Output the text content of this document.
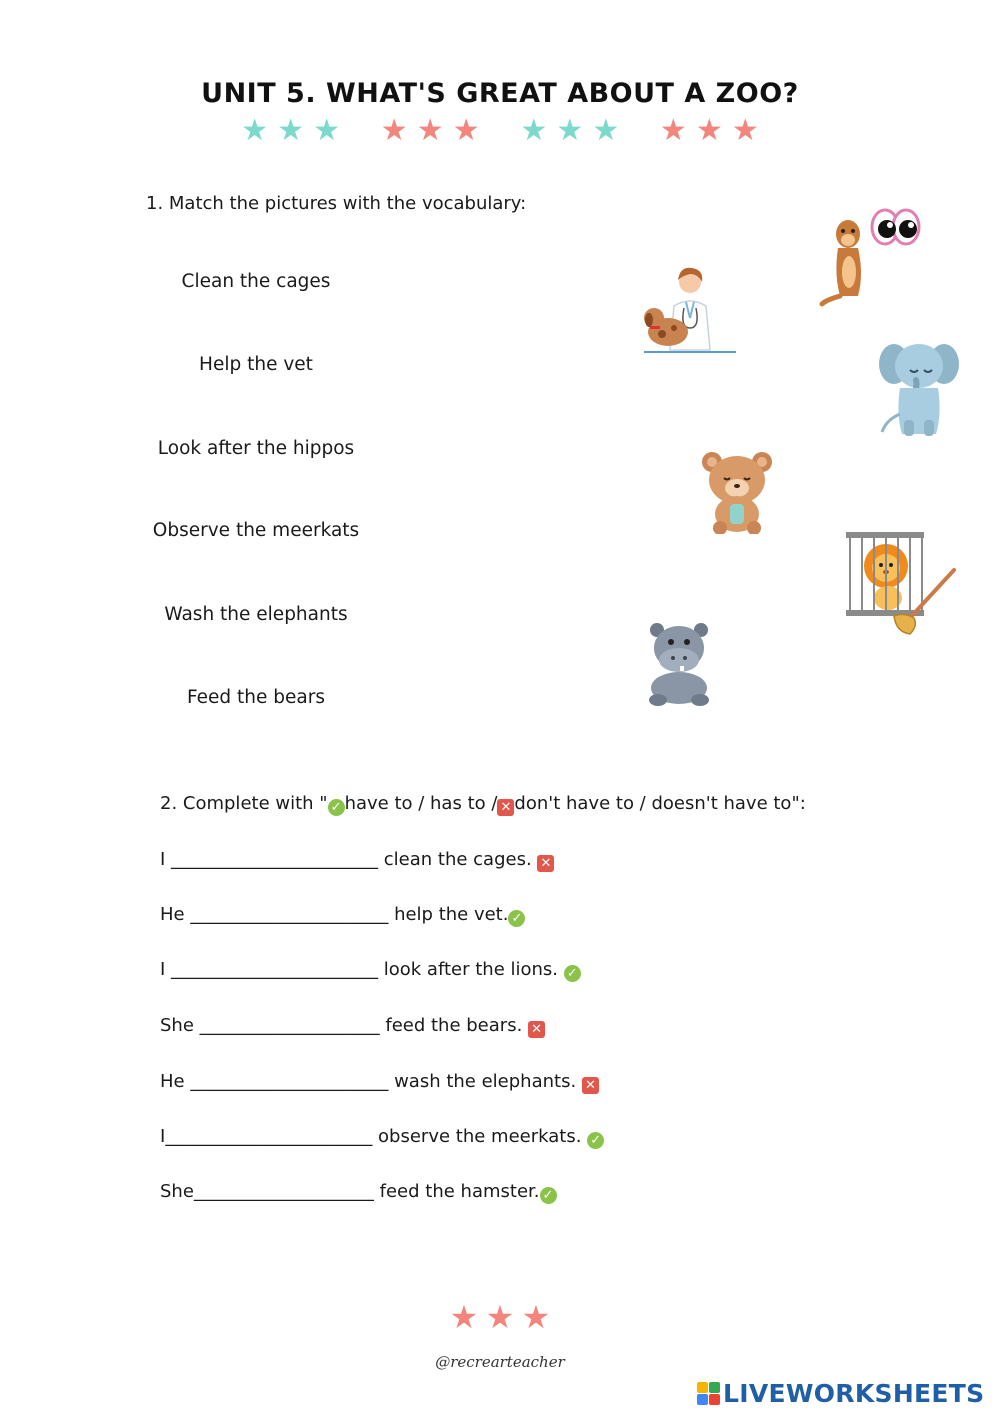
UNIT 5. WHAT'S GREAT ABOUT A ZOO?
★ ★ ★ ★ ★ ★ ★ ★ ★ ★ ★ ★
1. Match the pictures with the vocabulary:
Clean the cages
Help the vet
Look after the hippos
Observe the meerkats
Wash the elephants
Feed the bears
2. Complete with " ✓ have to / has to / ✕ don't have to / doesn't have to":
I _______________________ clean the cages. ✕
He ______________________ help the vet. ✓
I _______________________ look after the lions. ✓
She ____________________ feed the bears. ✕
He ______________________ wash the elephants. ✕
I_______________________ observe the meerkats. ✓
She____________________ feed the hamster. ✓
★ ★ ★
@recrearteacher
LIVEWORKSHEETS
